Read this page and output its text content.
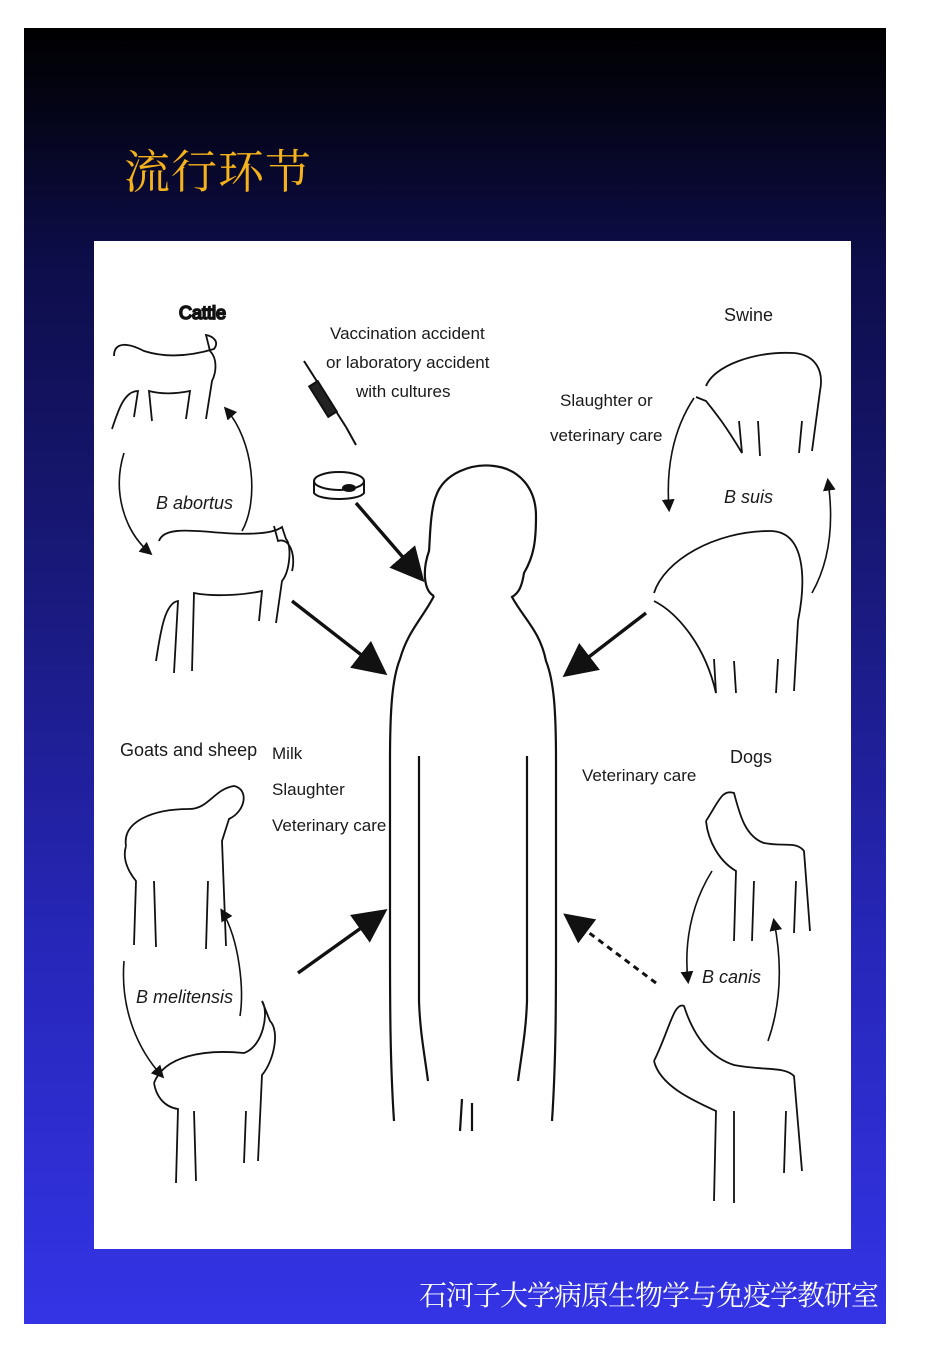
流行环节
Cattle
B abortus
Vaccination accident
or laboratory accident
with cultures
Swine
B suis
Slaughter or
veterinary care
Goats and sheep
B melitensis
Milk
Slaughter
Veterinary care
Dogs
B canis
Veterinary care
石河子大学病原生物学与免疫学教研室
